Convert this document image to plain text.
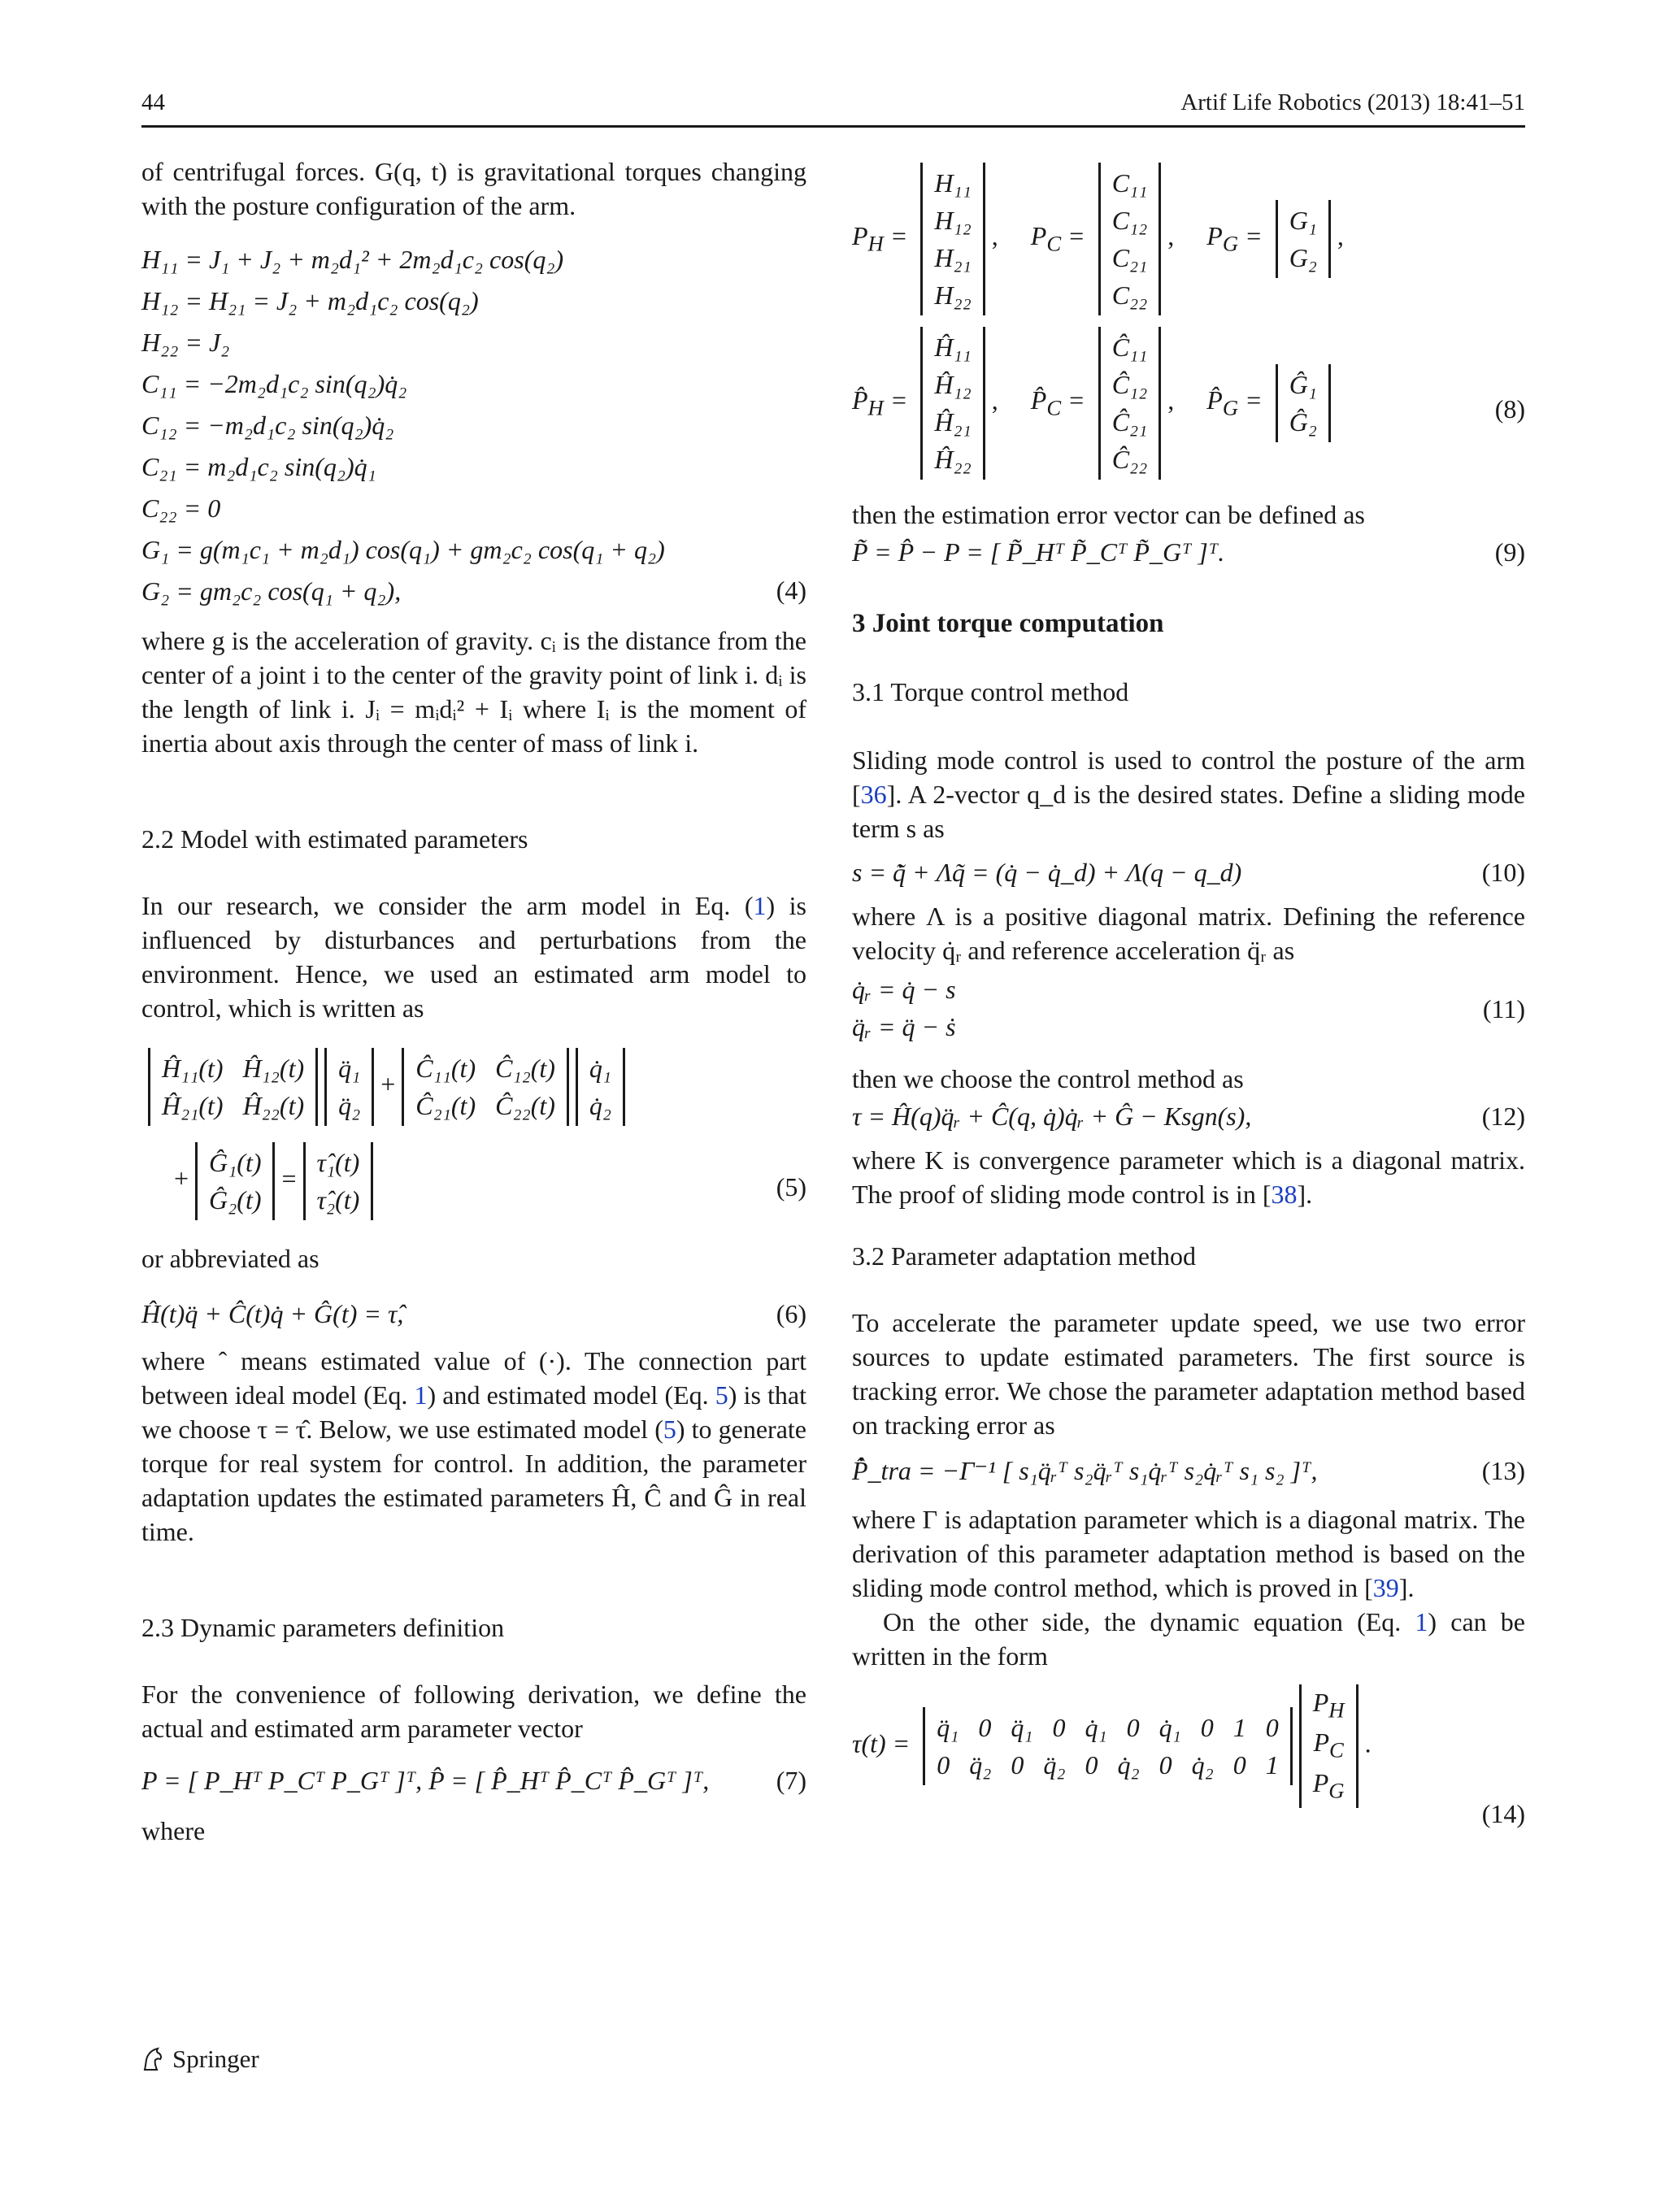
44	Artif Life Robotics (2013) 18:41–51

of centrifugal forces. G(q, t) is gravitational torques changing with the posture configuration of the arm.

H₁₁ = J₁ + J₂ + m₂d₁² + 2m₂d₁c₂ cos(q₂)
H₁₂ = H₂₁ = J₂ + m₂d₁c₂ cos(q₂)
H₂₂ = J₂
C₁₁ = −2m₂d₁c₂ sin(q₂)q̇₂
C₁₂ = −m₂d₁c₂ sin(q₂)q̇₂
C₂₁ = m₂d₁c₂ sin(q₂)q̇₁
C₂₂ = 0
G₁ = g(m₁c₁ + m₂d₁) cos(q₁) + gm₂c₂ cos(q₁ + q₂)
G₂ = gm₂c₂ cos(q₁ + q₂),	(4)

where g is the acceleration of gravity. cᵢ is the distance from the center of a joint i to the center of the gravity point of link i. dᵢ is the length of link i. Jᵢ = mᵢdᵢ² + Iᵢ where Iᵢ is the moment of inertia about axis through the center of mass of link i.

2.2 Model with estimated parameters

In our research, we consider the arm model in Eq. (1) is influenced by disturbances and perturbations from the environment. Hence, we used an estimated arm model to control, which is written as

Ĥ₁₁(t)   Ĥ₁₂(t)
Ĥ₂₁(t)   Ĥ₂₂(t)

q̈₁
q̈₂
+
Ĉ₁₁(t)   Ĉ₁₂(t)
Ĉ₂₁(t)   Ĉ₂₂(t)

q̇₁
q̇₂
+
Ĝ₁(t)
Ĝ₂(t)
=
τ̂₁(t)
τ̂₂(t)	(5)

or abbreviated as

Ĥ(t)q̈ + Ĉ(t)q̇ + Ĝ(t) = τ̂,	(6)

where ˆ means estimated value of (·). The connection part between ideal model (Eq. 1) and estimated model (Eq. 5) is that we choose τ = τ̂. Below, we use estimated model (5) to generate torque for real system for control. In addition, the parameter adaptation updates the estimated parameters Ĥ, Ĉ and Ĝ in real time.

2.3 Dynamic parameters definition

For the convenience of following derivation, we define the actual and estimated arm parameter vector

P = [ P_Hᵀ P_Cᵀ P_Gᵀ ]ᵀ, P̂ = [ P̂_Hᵀ P̂_Cᵀ P̂_Gᵀ ]ᵀ,	(7)

where

$P_H$ =
H₁₁
H₁₂
H₂₁
H₂₂
,     $P_C$ =
C₁₁
C₁₂
C₂₁
C₂₂
,     $P_G$ =
G₁
G₂
,
$P̂_H$ =
Ĥ₁₁
Ĥ₁₂
Ĥ₂₁
Ĥ₂₂
,     $P̂_C$ =
Ĉ₁₁
Ĉ₁₂
Ĉ₂₁
Ĉ₂₂
,     $P̂_G$ =
Ĝ₁
Ĝ₂	(8)

then the estimation error vector can be defined as

P̃ = P̂ − P = [ P̃_Hᵀ P̃_Cᵀ P̃_Gᵀ ]ᵀ.	(9)

3 Joint torque computation

3.1 Torque control method

Sliding mode control is used to control the posture of the arm [36]. A 2-vector q_d is the desired states. Define a sliding mode term s as

s = q̃̇ + Λq̃ = (q̇ − q̇_d) + Λ(q − q_d)	(10)

where Λ is a positive diagonal matrix. Defining the reference velocity q̇ᵣ and reference acceleration q̈ᵣ as

q̇ᵣ = q̇ − s
q̈ᵣ = q̈ − ṡ
(11)

then we choose the control method as

τ = Ĥ(q)q̈ᵣ + Ĉ(q, q̇)q̇ᵣ + Ĝ − Ksgn(s),	(12)

where K is convergence parameter which is a diagonal matrix. The proof of sliding mode control is in [38].

3.2 Parameter adaptation method

To accelerate the parameter update speed, we use two error sources to update estimated parameters. The first source is tracking error. We chose the parameter adaptation method based on tracking error as

P̂̇_tra = −Γ⁻¹ [ s₁q̈ᵣᵀ s₂q̈ᵣᵀ s₁q̇ᵣᵀ s₂q̇ᵣᵀ s₁ s₂ ]ᵀ,	(13)

where Γ is adaptation parameter which is a diagonal matrix. The derivation of this parameter adaptation method is based on the sliding mode control method, which is proved in [39].

On the other side, the dynamic equation (Eq. 1) can be written in the form

τ(t) =
q̈₁   0   q̈₁   0   q̇₁   0   q̇₁   0   1   0
0   q̈₂   0   q̈₂   0   q̇₂   0   q̇₂   0   1

$P_H$
$P_C$
$P_G$
.
(14)
Springer
